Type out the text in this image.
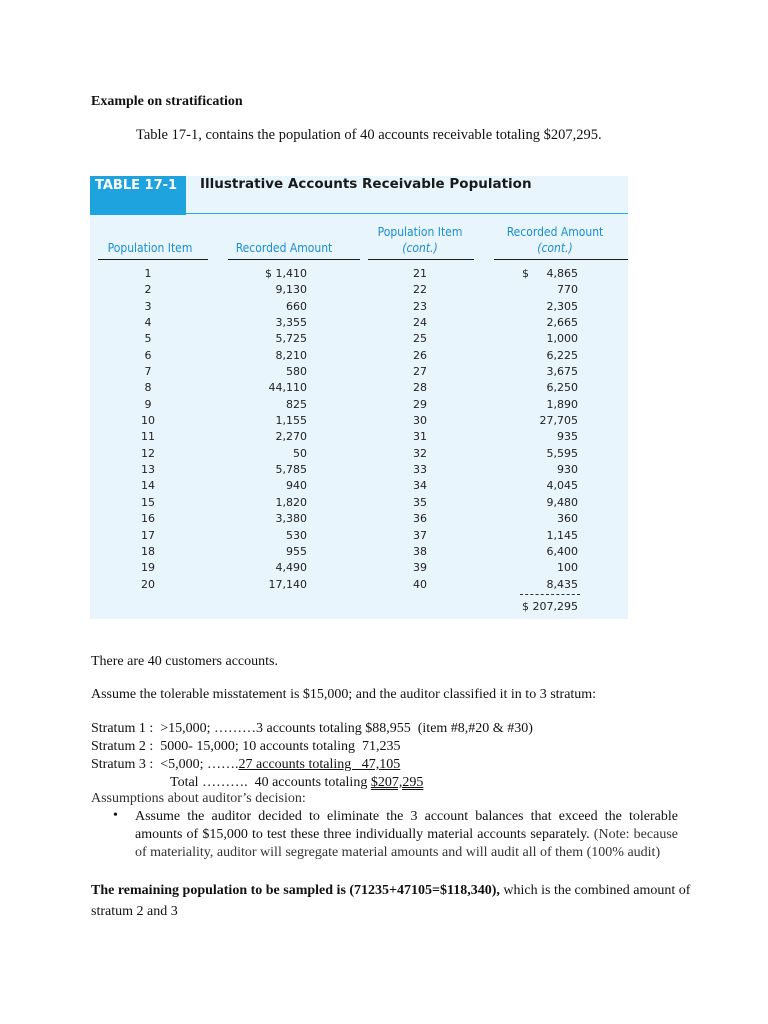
Example on stratification
Table 17-1, contains the population of 40 accounts receivable totaling $207,295.
TABLE 17-1	Illustrative Accounts Receivable Population
Population Item	Recorded Amount
Population Item
(cont.)
Recorded Amount
(cont.)
1
2
3
4
5
6
7
8
9
10
11
12
13
14
15
16
17
18
19
20
$ 1,410
9,130
660
3,355
5,725
8,210
580
44,110
825
1,155
2,270
50
5,785
940
1,820
3,380
530
955
4,490
17,140
21
22
23
24
25
26
27
28
29
30
31
32
33
34
35
36
37
38
39
40
$     4,865
770
2,305
2,665
1,000
6,225
3,675
6,250
1,890
27,705
935
5,595
930
4,045
9,480
360
1,145
6,400
100
8,435
$ 207,295
There are 40 customers accounts.
Assume the tolerable misstatement is $15,000; and the auditor classified it in to 3 stratum:
Stratum 1 :  >15,000; ………3 accounts totaling $88,955  (item #8,#20 & #30)
Stratum 2 :  5000- 15,000; 10 accounts totaling  71,235
Stratum 3 :  <5,000; …….27 accounts totaling   47,105
Total ……….  40 accounts totaling $207,295
Assumptions about auditor’s decision:
• Assume the auditor decided to eliminate the 3 account balances that exceed the tolerable amounts of $15,000 to test these three individually material accounts separately. (Note: because of materiality, auditor will segregate material amounts and will audit all of them (100% audit)
The remaining population to be sampled is (71235+47105=$118,340), which is the combined amount of stratum 2 and 3
